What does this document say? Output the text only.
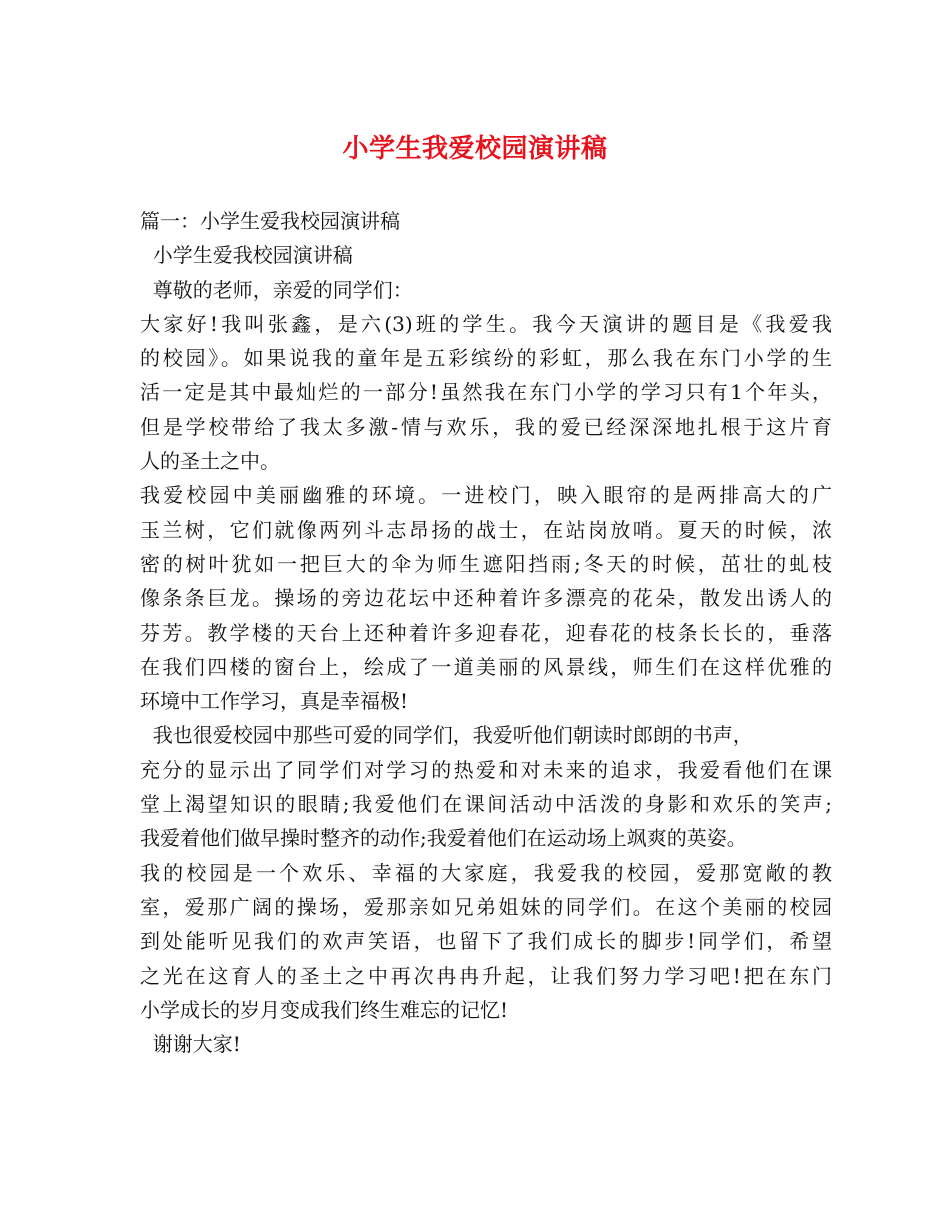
小学生我爱校园演讲稿
篇一：小学生爱我校园演讲稿
小学生爱我校园演讲稿
尊敬的老师，亲爱的同学们：
大家好!我叫张鑫，是六(3)班的学生。我今天演讲的题目是《我爱我
的校园》。如果说我的童年是五彩缤纷的彩虹，那么我在东门小学的生
活一定是其中最灿烂的一部分!虽然我在东门小学的学习只有1个年头，
但是学校带给了我太多激-情与欢乐，我的爱已经深深地扎根于这片育
人的圣土之中。
我爱校园中美丽幽雅的环境。一进校门，映入眼帘的是两排高大的广
玉兰树，它们就像两列斗志昂扬的战士，在站岗放哨。夏天的时候，浓
密的树叶犹如一把巨大的伞为师生遮阳挡雨;冬天的时候，茁壮的虬枝
像条条巨龙。操场的旁边花坛中还种着许多漂亮的花朵，散发出诱人的
芬芳。教学楼的天台上还种着许多迎春花，迎春花的枝条长长的，垂落
在我们四楼的窗台上，绘成了一道美丽的风景线，师生们在这样优雅的
环境中工作学习，真是幸福极!
我也很爱校园中那些可爱的同学们，我爱听他们朝读时郎朗的书声，
充分的显示出了同学们对学习的热爱和对未来的追求，我爱看他们在课
堂上渴望知识的眼睛;我爱他们在课间活动中活泼的身影和欢乐的笑声;
我爱着他们做早操时整齐的动作;我爱着他们在运动场上飒爽的英姿。
我的校园是一个欢乐、幸福的大家庭，我爱我的校园，爱那宽敞的教
室，爱那广阔的操场，爱那亲如兄弟姐妹的同学们。在这个美丽的校园
到处能听见我们的欢声笑语，也留下了我们成长的脚步!同学们，希望
之光在这育人的圣土之中再次冉冉升起，让我们努力学习吧!把在东门
小学成长的岁月变成我们终生难忘的记忆!
谢谢大家!
